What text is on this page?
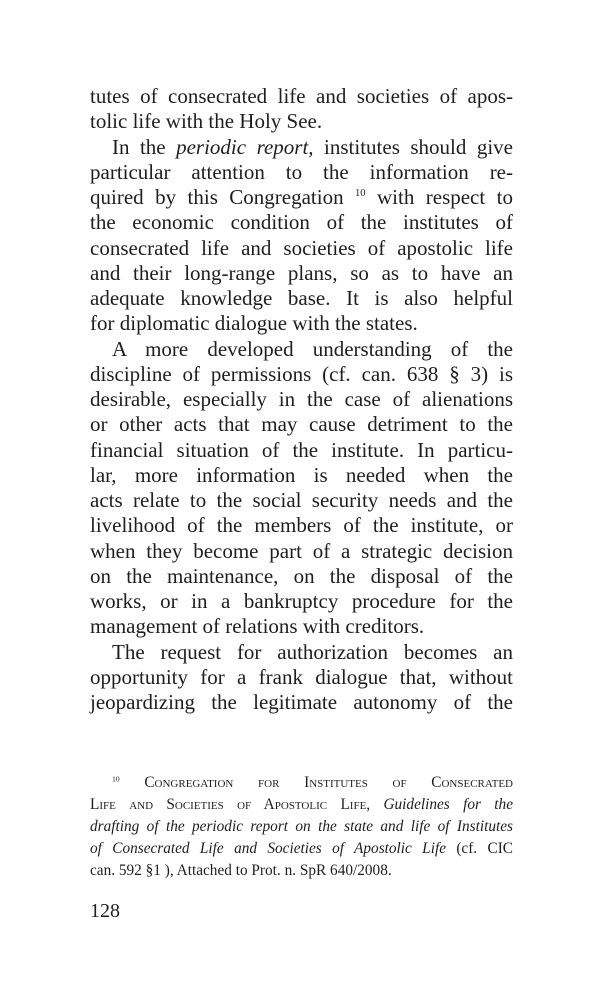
tutes of consecrated life and societies of apos-
tolic life with the Holy See.
In the periodic report, institutes should give
particular attention to the information re-
quired by this Congregation $^{10}$ with respect to
the economic condition of the institutes of
consecrated life and societies of apostolic life
and their long-range plans, so as to have an
adequate knowledge base. It is also helpful
for diplomatic dialogue with the states.
A more developed understanding of the
discipline of permissions (cf. can. 638 § 3) is
desirable, especially in the case of alienations
or other acts that may cause detriment to the
financial situation of the institute. In particu-
lar, more information is needed when the
acts relate to the social security needs and the
livelihood of the members of the institute, or
when they become part of a strategic decision
on the maintenance, on the disposal of the
works, or in a bankruptcy procedure for the
management of relations with creditors.
The request for authorization becomes an
opportunity for a frank dialogue that, without
jeopardizing the legitimate autonomy of the
$^{10}$ Congregation for Institutes of Consecrated
Life and Societies of Apostolic Life, Guidelines for the
drafting of the periodic report on the state and life of Institutes
of Consecrated Life and Societies of Apostolic Life (cf. CIC
can. 592 §1 ), Attached to Prot. n. SpR 640/2008.
128
